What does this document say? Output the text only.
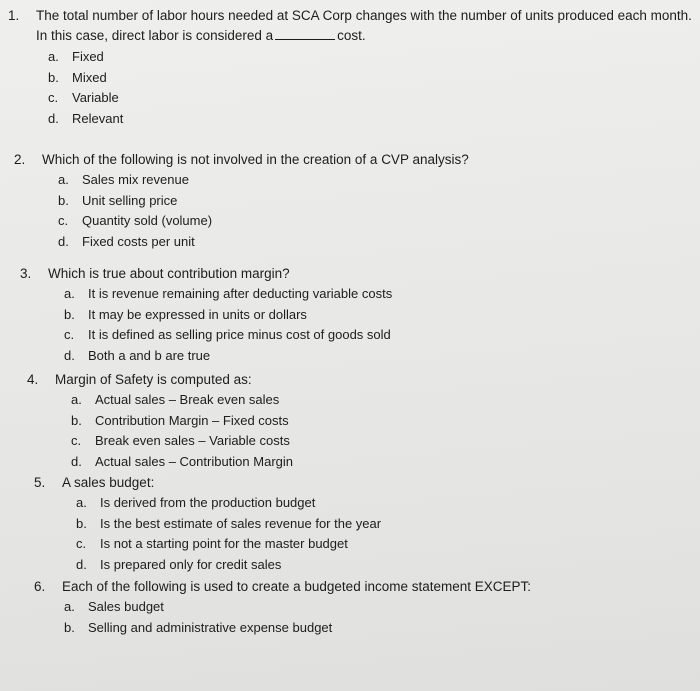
1. The total number of labor hours needed at SCA Corp changes with the number of units produced each month.
In this case, direct labor is considered a	cost.
a. Fixed
b. Mixed
c. Variable
d. Relevant
2. Which of the following is not involved in the creation of a CVP analysis?
a. Sales mix revenue
b. Unit selling price
c. Quantity sold (volume)
d. Fixed costs per unit
3. Which is true about contribution margin?
a. It is revenue remaining after deducting variable costs
b. It may be expressed in units or dollars
c. It is defined as selling price minus cost of goods sold
d. Both a and b are true
4. Margin of Safety is computed as:
a. Actual sales – Break even sales
b. Contribution Margin – Fixed costs
c. Break even sales – Variable costs
d. Actual sales – Contribution Margin
5. A sales budget:
a. Is derived from the production budget
b. Is the best estimate of sales revenue for the year
c. Is not a starting point for the master budget
d. Is prepared only for credit sales
6. Each of the following is used to create a budgeted income statement EXCEPT:
a. Sales budget
b. Selling and administrative expense budget
